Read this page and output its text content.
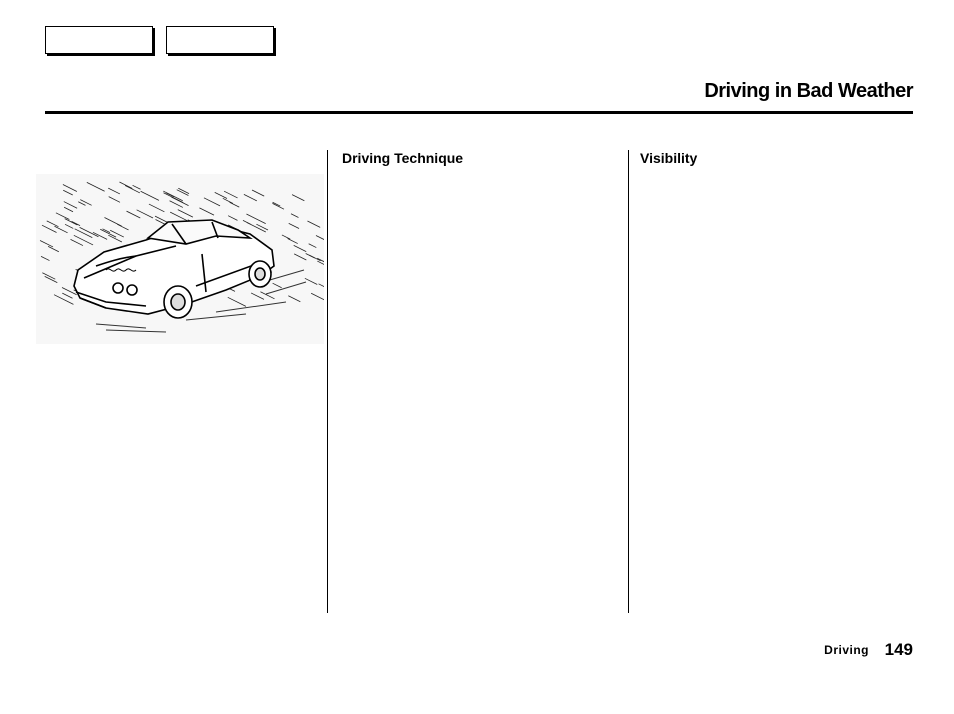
Driving in Bad Weather
Driving Technique	Visibility
Driving 149
